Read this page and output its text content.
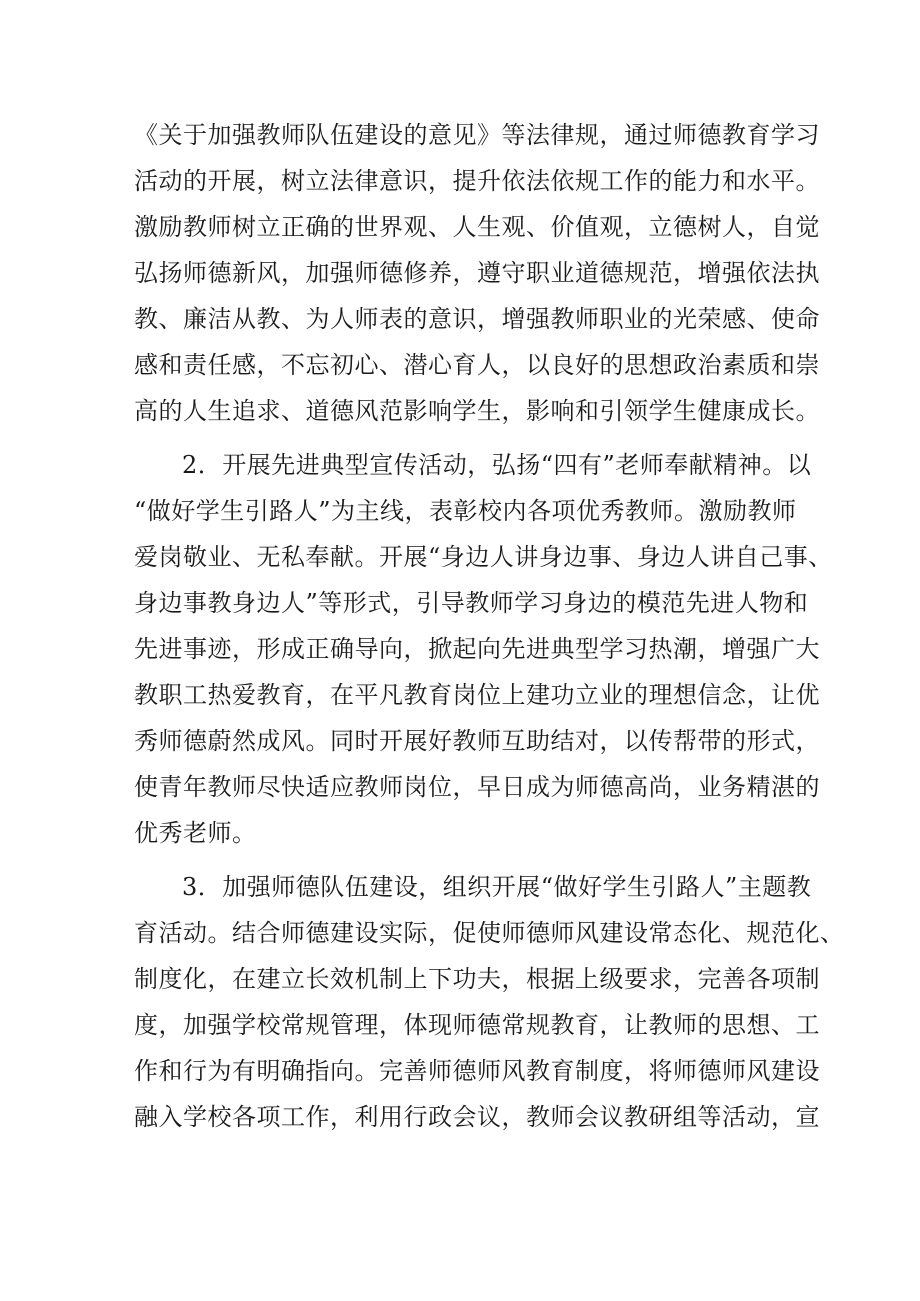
《关于加强教师队伍建设的意见》等法律规，通过师德教育学习
活动的开展，树立法律意识，提升依法依规工作的能力和水平。
激励教师树立正确的世界观、人生观、价值观，立德树人，自觉
弘扬师德新风，加强师德修养，遵守职业道德规范，增强依法执
教、廉洁从教、为人师表的意识，增强教师职业的光荣感、使命
感和责任感，不忘初心、潜心育人，以良好的思想政治素质和崇
高的人生追求、道德风范影响学生，影响和引领学生健康成长。
2．开展先进典型宣传活动，弘扬“四有”老师奉献精神。以
“做好学生引路人”为主线，表彰校内各项优秀教师。激励教师
爱岗敬业、无私奉献。开展“身边人讲身边事、身边人讲自己事、
身边事教身边人”等形式，引导教师学习身边的模范先进人物和
先进事迹，形成正确导向，掀起向先进典型学习热潮，增强广大
教职工热爱教育，在平凡教育岗位上建功立业的理想信念，让优
秀师德蔚然成风。同时开展好教师互助结对，以传帮带的形式，
使青年教师尽快适应教师岗位，早日成为师德高尚，业务精湛的
优秀老师。
3．加强师德队伍建设，组织开展“做好学生引路人”主题教
育活动。结合师德建设实际，促使师德师风建设常态化、规范化、
制度化，在建立长效机制上下功夫，根据上级要求，完善各项制
度，加强学校常规管理，体现师德常规教育，让教师的思想、工
作和行为有明确指向。完善师德师风教育制度，将师德师风建设
融入学校各项工作，利用行政会议，教师会议教研组等活动，宣
